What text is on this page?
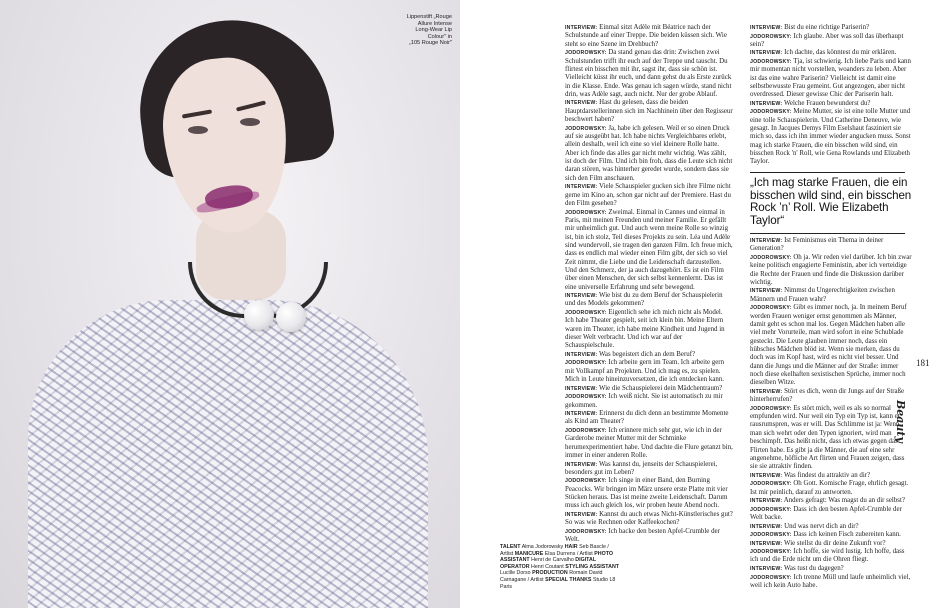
Lippenstift „Rouge
Allure Intense
Long-Wear Lip
Colour" in
„105 Rouge Noir"

INTERVIEW: Einmal sitzt Adèle mit Béatrice nach der Schulstunde auf einer Treppe. Die beiden küssen sich. Wie steht so eine Szene im Drehbuch?

JODOROWSKY: Da stand genau das drin: Zwischen zwei Schulstunden trifft ihr euch auf der Treppe und tauscht. Du flirtest ein bisschen mit ihr, sagst ihr, dass sie schön ist. Vielleicht küsst ihr euch, und dann gehst du als Erste zurück in die Klasse. Ende. Was genau ich sagen würde, stand nicht drin, was Adèle sagt, auch nicht. Nur der grobe Ablauf.

INTERVIEW: Hast du gelesen, dass die beiden Hauptdarstellerinnen sich im Nachhinein über den Regisseur beschwert haben?

JODOROWSKY: Ja, habe ich gelesen. Weil er so einen Druck auf sie ausgeübt hat. Ich habe nichts Vergleichbares erlebt, allein deshalb, weil ich eine so viel kleinere Rolle hatte. Aber ich finde das alles gar nicht mehr wichtig. Was zählt, ist doch der Film. Und ich bin froh, dass die Leute sich nicht daran stören, was hinterher geredet wurde, sondern dass sie sich den Film anschauen.

INTERVIEW: Viele Schauspieler gucken sich ihre Filme nicht gerne im Kino an, schon gar nicht auf der Premiere. Hast du den Film gesehen?

JODOROWSKY: Zweimal. Einmal in Cannes und einmal in Paris, mit meinen Freunden und meiner Familie. Er gefällt mir unheimlich gut. Und auch wenn meine Rolle so winzig ist, bin ich stolz, Teil dieses Projekts zu sein. Léa und Adèle sind wundervoll, sie tragen den ganzen Film. Ich freue mich, dass es endlich mal wieder einen Film gibt, der sich so viel Zeit nimmt, die Liebe und die Leidenschaft darzustellen. Und den Schmerz, der ja auch dazugehört. Es ist ein Film über einen Menschen, der sich selbst kennenlernt. Das ist eine universelle Erfahrung und sehr bewegend.

INTERVIEW: Wie bist du zu dem Beruf der Schauspielerin und des Models gekommen?

JODOROWSKY: Eigentlich sehe ich mich nicht als Model. Ich habe Theater gespielt, seit ich klein bin. Meine Eltern waren im Theater, ich habe meine Kindheit und Jugend in dieser Welt verbracht. Und ich war auf der Schauspielschule.

INTERVIEW: Was begeistert dich an dem Beruf?

JODOROWSKY: Ich arbeite gern im Team. Ich arbeite gern mit Vollkampf an Projekten. Und ich mag es, zu spielen. Mich in Leute hineinzuversetzen, die ich entdecken kann.

INTERVIEW: Wie die Schauspielerei dein Mädchentraum?

JODOROWSKY: Ich weiß nicht. Sie ist automatisch zu mir gekommen.

INTERVIEW: Erinnerst du dich denn an bestimmte Momente als Kind am Theater?

JODOROWSKY: Ich erinnere mich sehr gut, wie ich in der Garderobe meiner Mutter mit der Schminke herumexperimentiert habe. Und dachte die Flure getanzt bin, immer in einer anderen Rolle.

INTERVIEW: Was kannst du, jenseits der Schauspielerei, besonders gut im Leben?

JODOROWSKY: Ich singe in einer Band, den Burning Peacocks. Wir bringen im März unsere erste Platte mit vier Stücken heraus. Das ist meine zweite Leidenschaft. Darum muss ich auch gleich los, wir proben heute Abend noch.

INTERVIEW: Kannst du auch etwas Nicht-Künstlerisches gut? So was wie Rechnen oder Kaffeekochen?

JODOROWSKY: Ich backe den besten Apfel-Crumble der Welt.

INTERVIEW: Bist du eine richtige Pariserin?

JODOROWSKY: Ich glaube. Aber was soll das überhaupt sein?

INTERVIEW: Ich dachte, das könntest du mir erklären.

JODOROWSKY: Tja, ist schwierig. Ich liebe Paris und kann mir momentan nicht vorstellen, woanders zu leben. Aber ist das eine wahre Pariserin? Vielleicht ist damit eine selbstbewusste Frau gemeint. Gut angezogen, aber nicht overdressed. Dieser gewisse Chic der Pariserin halt.

INTERVIEW: Welche Frauen bewunderst du?

JODOROWSKY: Meine Mutter, sie ist eine tolle Mutter und eine tolle Schauspielerin. Und Catherine Deneuve, wie gesagt. In Jacques Demys Film Eselshaut fasziniert sie mich so, dass ich ihn immer wieder angucken muss. Sonst mag ich starke Frauen, die ein bisschen wild sind, ein bisschen Rock 'n' Roll, wie Gena Rowlands und Elizabeth Taylor.

„Ich mag starke Frauen, die ein bisschen wild sind, ein bisschen Rock ’n’ Roll. Wie Elizabeth Taylor“

INTERVIEW: Ist Feminismus ein Thema in deiner Generation?

JODOROWSKY: Oh ja. Wir reden viel darüber. Ich bin zwar keine politisch engagierte Feministin, aber ich verteidige die Rechte der Frauen und finde die Diskussion darüber wichtig.

INTERVIEW: Nimmst du Ungerechtigkeiten zwischen Männern und Frauen wahr?

JODOROWSKY: Gibt es immer noch, ja. In meinem Beruf werden Frauen weniger ernst genommen als Männer, damit geht es schon mal los. Gegen Mädchen haben alle viel mehr Vorurteile, man wird sofort in eine Schublade gesteckt. Die Leute glauben immer noch, dass ein hübsches Mädchen blöd ist. Wenn sie merken, dass du doch was im Kopf hast, wird es nicht viel besser. Und dann die Jungs und die Männer auf der Straße: immer noch diese ekelhaften sexistischen Sprüche, immer noch dieselben Witze.

INTERVIEW: Stört es dich, wenn dir Jungs auf der Straße hinterherrufen?

JODOROWSKY: Es stört mich, weil es als so normal empfunden wird. Nur weil ein Typ ein Typ ist, kann er rausrumspren, was er will. Das Schlimme ist ja: Wenn man sich wehrt oder den Typen ignoriert, wird man beschimpft. Das heißt nicht, dass ich etwas gegen das Flirten habe. Es gibt ja die Männer, die auf eine sehr angenehme, höfliche Art flirten und Frauen zeigen, dass sie sie attraktiv finden.

INTERVIEW: Was findest du attraktiv an dir?

JODOROWSKY: Oh Gott. Komische Frage, ehrlich gesagt. Ist mir peinlich, darauf zu antworten.

INTERVIEW: Anders gefragt: Was magst du an dir selbst?

JODOROWSKY: Dass ich den besten Apfel-Crumble der Welt backe.

INTERVIEW: Und was nervt dich an dir?

JODOROWSKY: Dass ich keinen Fisch zubereiten kann.

INTERVIEW: Wie stellst du dir deine Zukunft vor?

JODOROWSKY: Ich hoffe, sie wird lustig. Ich hoffe, dass ich und die Erde nicht um die Ohren fliegt.

INTERVIEW: Was tust du dagegen?

JODOROWSKY: Ich trenne Müll und laufe unheimlich viel, weil ich kein Auto habe.

TALENT Alma Jodorowsky HAIR Seb Bascle / Artlist MANICURE Elsa Durrens / Artlist PHOTO ASSISTANT Henri de Carvalho DIGITAL OPERATOR Henri Coutant STYLING ASSISTANT Lucille Dorso PRODUCTION Romain David Carnagane / Artlist SPECIAL THANKS Studio L8 Paris
181
Beauty
